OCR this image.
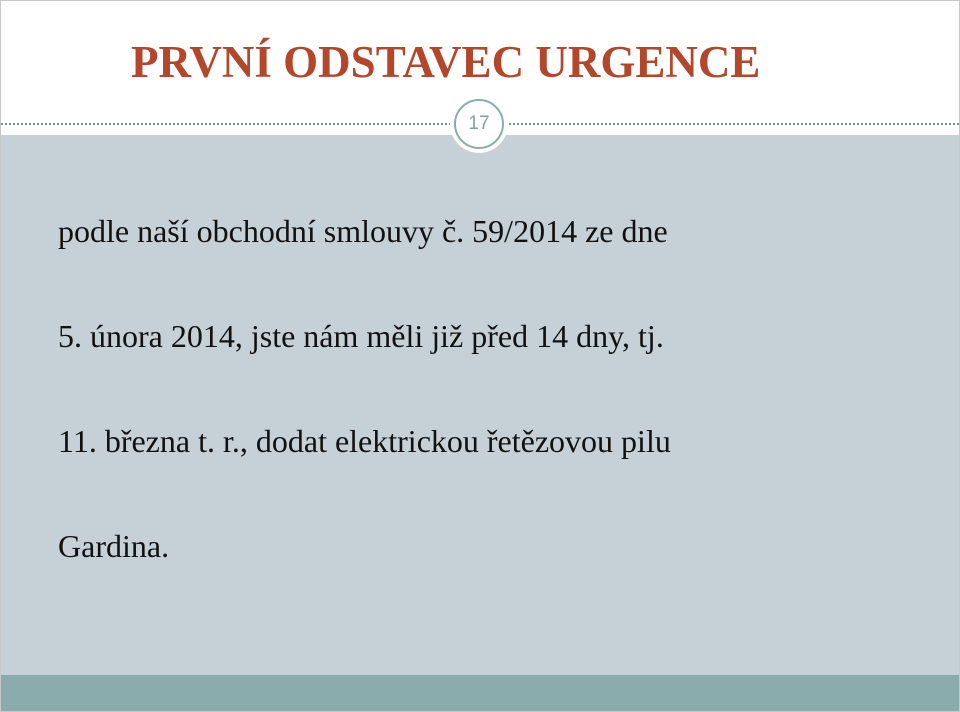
PRVNÍ ODSTAVEC URGENCE
17
podle naší obchodní smlouvy č. 59/2014 ze dne
5. února 2014, jste nám měli již před 14 dny, tj.
11. března t. r., dodat elektrickou řetězovou pilu
Gardina.
